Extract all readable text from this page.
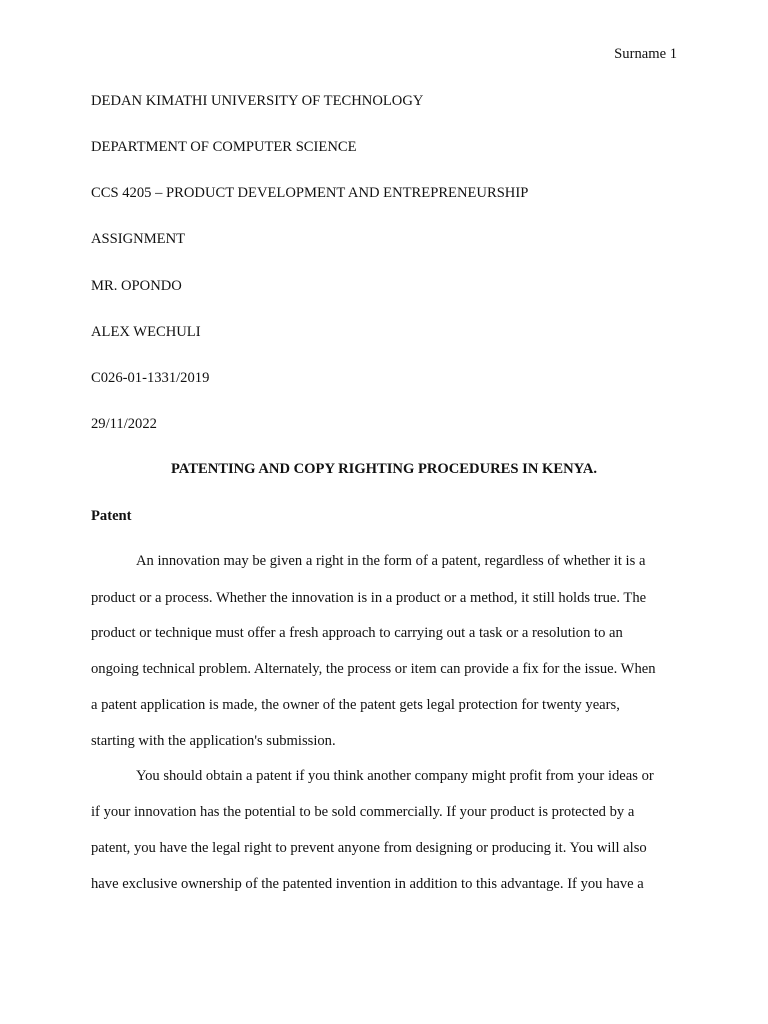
Surname 1
DEDAN KIMATHI UNIVERSITY OF TECHNOLOGY
DEPARTMENT OF COMPUTER SCIENCE
CCS 4205 – PRODUCT DEVELOPMENT AND ENTREPRENEURSHIP
ASSIGNMENT
MR. OPONDO
ALEX WECHULI
C026-01-1331/2019
29/11/2022
PATENTING AND COPY RIGHTING PROCEDURES IN KENYA.
Patent
An innovation may be given a right in the form of a patent, regardless of whether it is a
product or a process. Whether the innovation is in a product or a method, it still holds true. The
product or technique must offer a fresh approach to carrying out a task or a resolution to an
ongoing technical problem. Alternately, the process or item can provide a fix for the issue. When
a patent application is made, the owner of the patent gets legal protection for twenty years,
starting with the application's submission.
You should obtain a patent if you think another company might profit from your ideas or
if your innovation has the potential to be sold commercially. If your product is protected by a
patent, you have the legal right to prevent anyone from designing or producing it. You will also
have exclusive ownership of the patented invention in addition to this advantage. If you have a
